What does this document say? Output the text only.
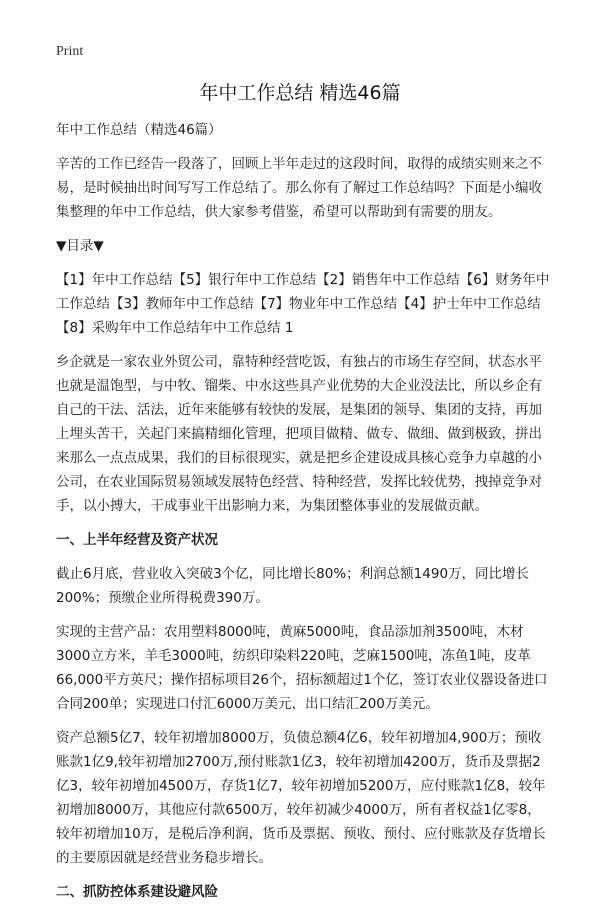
Print
年中工作总结 精选46篇

年中工作总结（精选46篇）

辛苦的工作已经告一段落了，回顾上半年走过的这段时间，取得的成绩实则来之不易，是时候抽出时间写写工作总结了。那么你有了解过工作总结吗？下面是小编收集整理的年中工作总结，供大家参考借鉴，希望可以帮助到有需要的朋友。

▼目录▼

【1】年中工作总结【5】银行年中工作总结【2】销售年中工作总结【6】财务年中工作总结【3】教师年中工作总结【7】物业年中工作总结【4】护士年中工作总结【8】采购年中工作总结年中工作总结 1

乡企就是一家农业外贸公司，靠特种经营吃饭，有独占的市场生存空间，状态水平也就是温饱型，与中牧、镏柴、中水这些具产业优势的大企业没法比，所以乡企有自己的干法、活法，近年来能够有较快的发展，是集团的领导、集团的支持，再加上埋头苦干，关起门来搞精细化管理，把项目做精、做专、做细、做到极致，拼出来那么一点点成果，我们的目标很现实，就是把乡企建设成具核心竞争力卓越的小公司，在农业国际贸易领域发展特色经营、特种经营，发挥比较优势，拽掉竞争对手，以小搏大，干成事业干出影响力来，为集团整体事业的发展做贡献。

一、上半年经营及资产状况

截止6月底，营业收入突破3个亿，同比增长80%；利润总额1490万，同比增长200%；预缴企业所得税费390万。

实现的主营产品：农用塑料8000吨，黄麻5000吨，食品添加剂3500吨，木材3000立方米，羊毛3000吨，纺织印染料220吨，芝麻1500吨，冻鱼1吨，皮革66,000平方英尺；操作招标项目26个，招标额超过1个亿，签订农业仪器设备进口合同200单；实现进口付汇6000万美元，出口结汇200万美元。

资产总额5亿7，较年初增加8000万，负债总额4亿6，较年初增加4,900万；预收账款1亿9,较年初增加2700万,预付账款1亿3，较年初增加4200万，货币及票据2亿3，较年初增加4500万，存货1亿7，较年初增加5200万，应付账款1亿8，较年初增加8000万，其他应付款6500万，较年初减少4000万，所有者权益1亿零8，较年初增加10万，是税后净利润，货币及票据、预收、预付、应付账款及存货增长的主要原因就是经营业务稳步增长。

二、抓防控体系建设避风险
